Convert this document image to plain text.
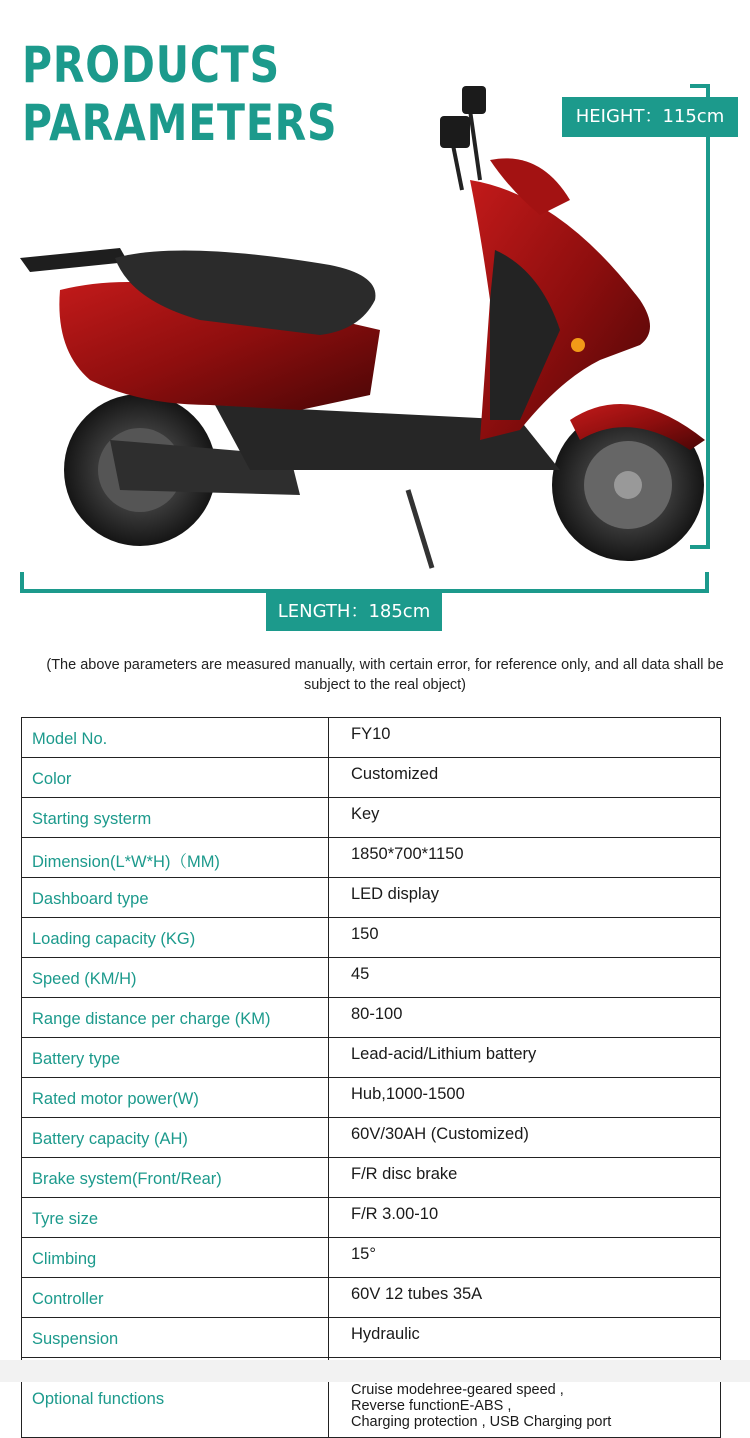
PRODUCTS
PARAMETERS	HEIGHT：115cm
LENGTH：185cm
(The above parameters are measured manually, with certain error, for reference only, and all data shall be subject to the real object)
Model No.	FY10
Color	Customized
Starting systerm	Key
Dimension(L*W*H)（MM)	1850*700*1150
Dashboard type	LED display
Loading capacity (KG)	150
Speed (KM/H)	45
Range distance per charge (KM)	80-100
Battery type	Lead-acid/Lithium battery
Rated motor power(W)	Hub,1000-1500
Battery capacity (AH)	60V/30AH (Customized)
Brake system(Front/Rear)	F/R disc brake
Tyre size	F/R 3.00-10
Climbing	15°
Controller	60V 12 tubes 35A
Suspension	Hydraulic
Optional functions	Cruise modehree-geared speed ,
Reverse functionE-ABS ,
Charging protection , USB Charging port
